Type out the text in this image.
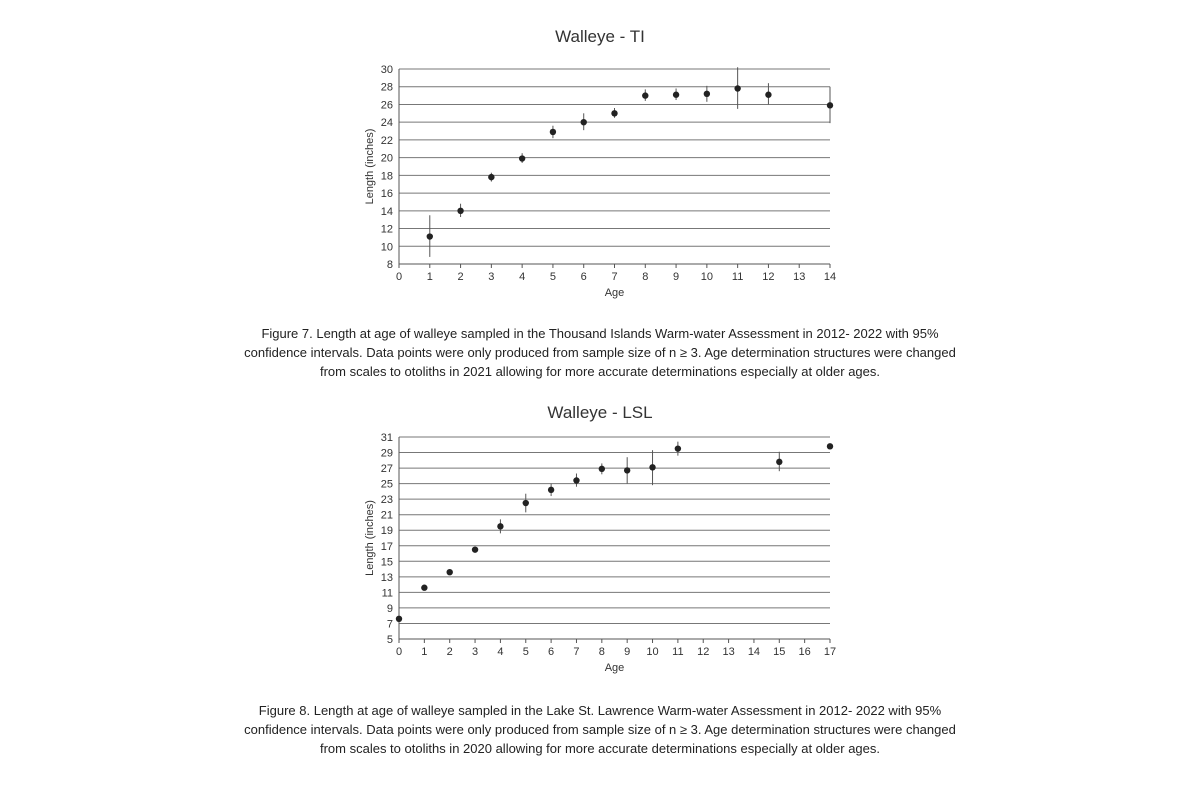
Walleye - TI
8
10
12
14
16
18
20
22
24
26
28
30
0 1 2 3 4 5 6 7 8 9 10 11 12 13 14
Age
Length (inches)
Figure 7. Length at age of walleye sampled in the Thousand Islands Warm-water Assessment in 2012- 2022 with 95% confidence intervals. Data points were only produced from sample size of n ≥ 3. Age determination structures were changed from scales to otoliths in 2021 allowing for more accurate determinations especially at older ages.
Walleye - LSL
5
7
9
11
13
15
17
19
21
23
25
27
29
31
0 1 2 3 4 5 6 7 8 9 10 11 12 13 14 15 16 17
Age
Length (inches)
Figure 8. Length at age of walleye sampled in the Lake St. Lawrence Warm-water Assessment in 2012- 2022 with 95% confidence intervals. Data points were only produced from sample size of n ≥ 3. Age determination structures were changed from scales to otoliths in 2020 allowing for more accurate determinations especially at older ages.
